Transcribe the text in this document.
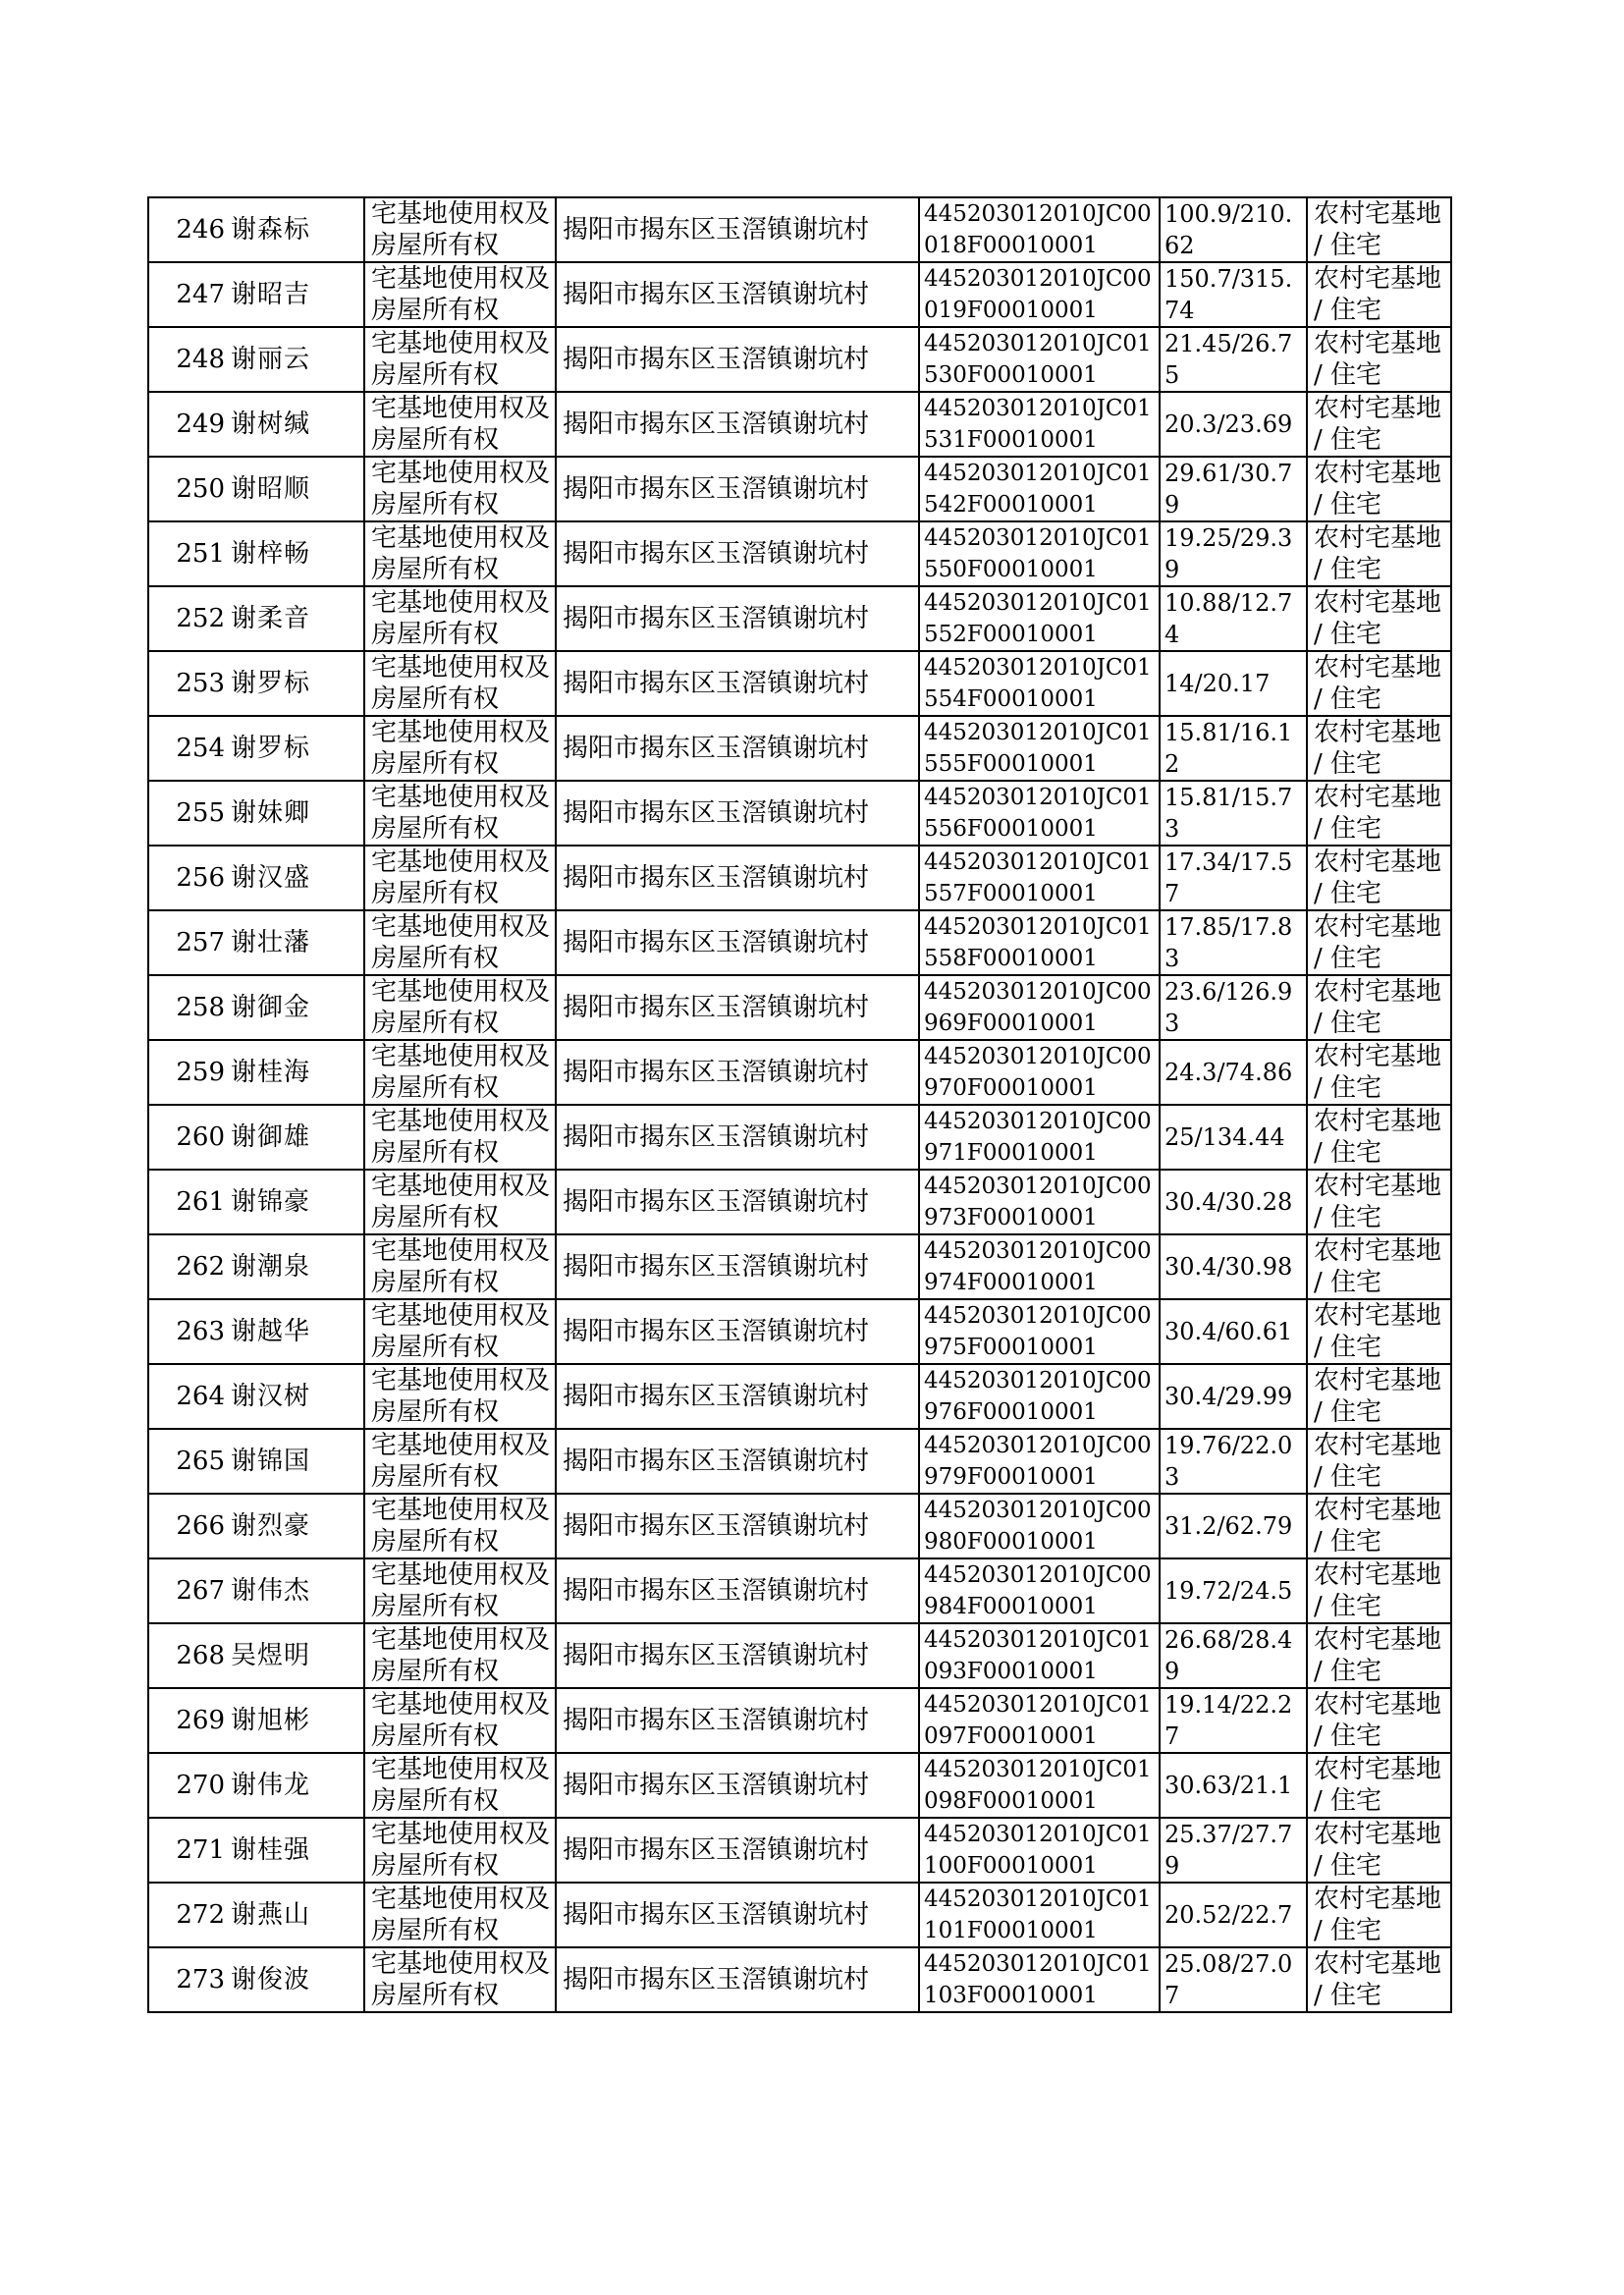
246	谢森标	宅基地使用权及房屋所有权	揭阳市揭东区玉滘镇谢坑村	445203012010JC00018F00010001	100.9/210.62	农村宅基地 / 住宅
247	谢昭吉	宅基地使用权及房屋所有权	揭阳市揭东区玉滘镇谢坑村	445203012010JC00019F00010001	150.7/315.74	农村宅基地 / 住宅
248	谢丽云	宅基地使用权及房屋所有权	揭阳市揭东区玉滘镇谢坑村	445203012010JC01530F00010001	21.45/26.75	农村宅基地 / 住宅
249	谢树缄	宅基地使用权及房屋所有权	揭阳市揭东区玉滘镇谢坑村	445203012010JC01531F00010001	20.3/23.69	农村宅基地 / 住宅
250	谢昭顺	宅基地使用权及房屋所有权	揭阳市揭东区玉滘镇谢坑村	445203012010JC01542F00010001	29.61/30.79	农村宅基地 / 住宅
251	谢梓畅	宅基地使用权及房屋所有权	揭阳市揭东区玉滘镇谢坑村	445203012010JC01550F00010001	19.25/29.39	农村宅基地 / 住宅
252	谢柔音	宅基地使用权及房屋所有权	揭阳市揭东区玉滘镇谢坑村	445203012010JC01552F00010001	10.88/12.74	农村宅基地 / 住宅
253	谢罗标	宅基地使用权及房屋所有权	揭阳市揭东区玉滘镇谢坑村	445203012010JC01554F00010001	14/20.17	农村宅基地 / 住宅
254	谢罗标	宅基地使用权及房屋所有权	揭阳市揭东区玉滘镇谢坑村	445203012010JC01555F00010001	15.81/16.12	农村宅基地 / 住宅
255	谢妹卿	宅基地使用权及房屋所有权	揭阳市揭东区玉滘镇谢坑村	445203012010JC01556F00010001	15.81/15.73	农村宅基地 / 住宅
256	谢汉盛	宅基地使用权及房屋所有权	揭阳市揭东区玉滘镇谢坑村	445203012010JC01557F00010001	17.34/17.57	农村宅基地 / 住宅
257	谢壮藩	宅基地使用权及房屋所有权	揭阳市揭东区玉滘镇谢坑村	445203012010JC01558F00010001	17.85/17.83	农村宅基地 / 住宅
258	谢御金	宅基地使用权及房屋所有权	揭阳市揭东区玉滘镇谢坑村	445203012010JC00969F00010001	23.6/126.93	农村宅基地 / 住宅
259	谢桂海	宅基地使用权及房屋所有权	揭阳市揭东区玉滘镇谢坑村	445203012010JC00970F00010001	24.3/74.86	农村宅基地 / 住宅
260	谢御雄	宅基地使用权及房屋所有权	揭阳市揭东区玉滘镇谢坑村	445203012010JC00971F00010001	25/134.44	农村宅基地 / 住宅
261	谢锦豪	宅基地使用权及房屋所有权	揭阳市揭东区玉滘镇谢坑村	445203012010JC00973F00010001	30.4/30.28	农村宅基地 / 住宅
262	谢潮泉	宅基地使用权及房屋所有权	揭阳市揭东区玉滘镇谢坑村	445203012010JC00974F00010001	30.4/30.98	农村宅基地 / 住宅
263	谢越华	宅基地使用权及房屋所有权	揭阳市揭东区玉滘镇谢坑村	445203012010JC00975F00010001	30.4/60.61	农村宅基地 / 住宅
264	谢汉树	宅基地使用权及房屋所有权	揭阳市揭东区玉滘镇谢坑村	445203012010JC00976F00010001	30.4/29.99	农村宅基地 / 住宅
265	谢锦国	宅基地使用权及房屋所有权	揭阳市揭东区玉滘镇谢坑村	445203012010JC00979F00010001	19.76/22.03	农村宅基地 / 住宅
266	谢烈豪	宅基地使用权及房屋所有权	揭阳市揭东区玉滘镇谢坑村	445203012010JC00980F00010001	31.2/62.79	农村宅基地 / 住宅
267	谢伟杰	宅基地使用权及房屋所有权	揭阳市揭东区玉滘镇谢坑村	445203012010JC00984F00010001	19.72/24.5	农村宅基地 / 住宅
268	吴煜明	宅基地使用权及房屋所有权	揭阳市揭东区玉滘镇谢坑村	445203012010JC01093F00010001	26.68/28.49	农村宅基地 / 住宅
269	谢旭彬	宅基地使用权及房屋所有权	揭阳市揭东区玉滘镇谢坑村	445203012010JC01097F00010001	19.14/22.27	农村宅基地 / 住宅
270	谢伟龙	宅基地使用权及房屋所有权	揭阳市揭东区玉滘镇谢坑村	445203012010JC01098F00010001	30.63/21.1	农村宅基地 / 住宅
271	谢桂强	宅基地使用权及房屋所有权	揭阳市揭东区玉滘镇谢坑村	445203012010JC01100F00010001	25.37/27.79	农村宅基地 / 住宅
272	谢燕山	宅基地使用权及房屋所有权	揭阳市揭东区玉滘镇谢坑村	445203012010JC01101F00010001	20.52/22.7	农村宅基地 / 住宅
273	谢俊波	宅基地使用权及房屋所有权	揭阳市揭东区玉滘镇谢坑村	445203012010JC01103F00010001	25.08/27.07	农村宅基地 / 住宅
